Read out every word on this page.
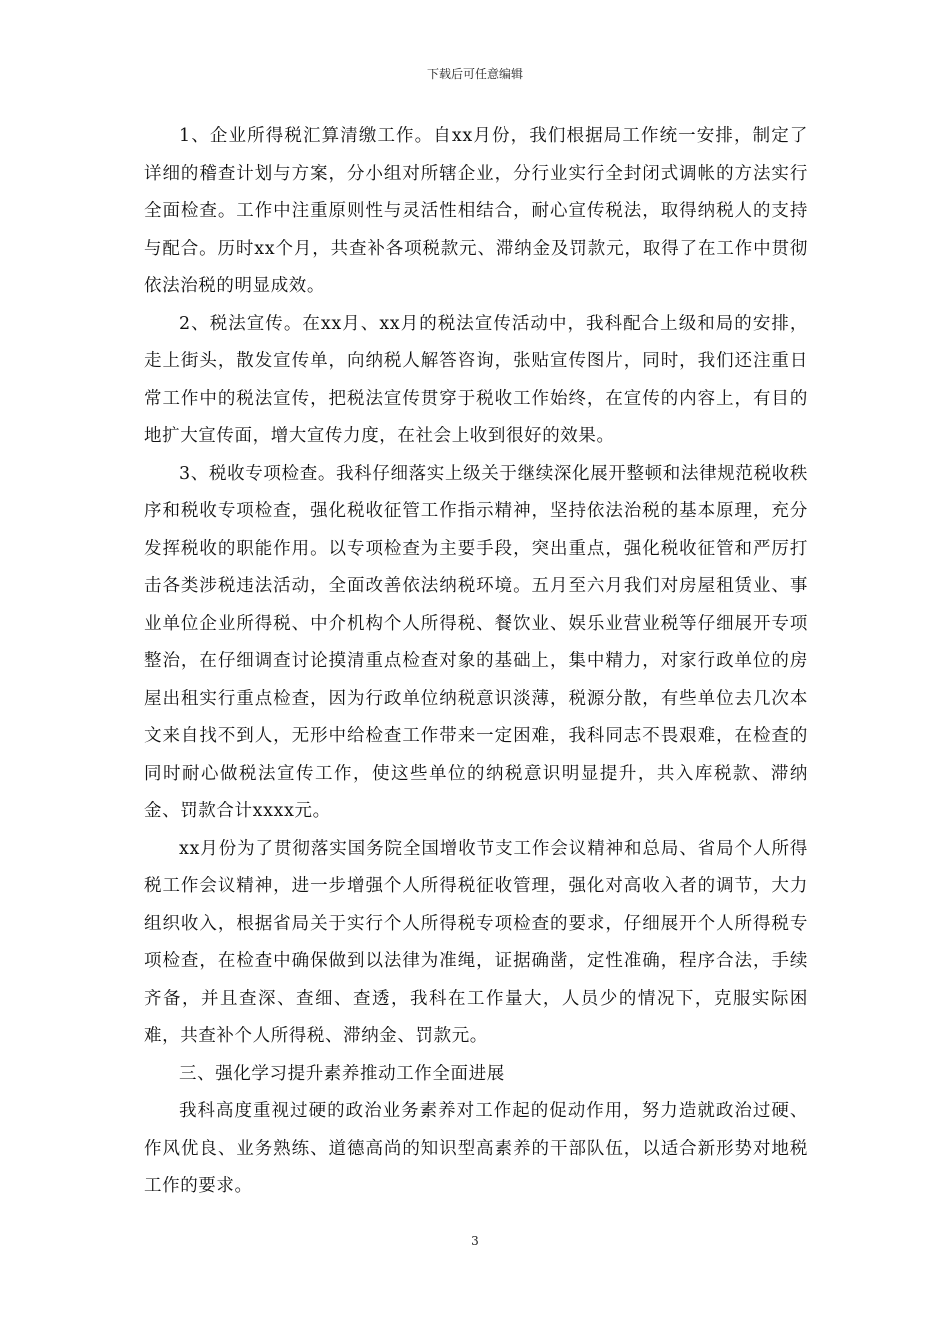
下载后可任意编辑

1、企业所得税汇算清缴工作。自xx月份，我们根据局工作统一安排，制定了详细的稽查计划与方案，分小组对所辖企业，分行业实行全封闭式调帐的方法实行全面检查。工作中注重原则性与灵活性相结合，耐心宣传税法，取得纳税人的支持与配合。历时xx个月，共查补各项税款元、滞纳金及罚款元，取得了在工作中贯彻依法治税的明显成效。

2、税法宣传。在xx月、xx月的税法宣传活动中，我科配合上级和局的安排，走上街头，散发宣传单，向纳税人解答咨询，张贴宣传图片，同时，我们还注重日常工作中的税法宣传，把税法宣传贯穿于税收工作始终，在宣传的内容上，有目的地扩大宣传面，增大宣传力度，在社会上收到很好的效果。

3、税收专项检查。我科仔细落实上级关于继续深化展开整顿和法律规范税收秩序和税收专项检查，强化税收征管工作指示精神，坚持依法治税的基本原理，充分发挥税收的职能作用。以专项检查为主要手段，突出重点，强化税收征管和严厉打击各类涉税违法活动，全面改善依法纳税环境。五月至六月我们对房屋租赁业、事业单位企业所得税、中介机构个人所得税、餐饮业、娱乐业营业税等仔细展开专项整治，在仔细调查讨论摸清重点检查对象的基础上，集中精力，对家行政单位的房屋出租实行重点检查，因为行政单位纳税意识淡薄，税源分散，有些单位去几次本文来自找不到人，无形中给检查工作带来一定困难，我科同志不畏艰难，在检查的同时耐心做税法宣传工作，使这些单位的纳税意识明显提升，共入库税款、滞纳金、罚款合计xxxx元。

xx月份为了贯彻落实国务院全国增收节支工作会议精神和总局、省局个人所得税工作会议精神，进一步增强个人所得税征收管理，强化对高收入者的调节，大力组织收入，根据省局关于实行个人所得税专项检查的要求，仔细展开个人所得税专项检查，在检查中确保做到以法律为准绳，证据确凿，定性准确，程序合法，手续齐备，并且查深、查细、查透，我科在工作量大，人员少的情况下，克服实际困难，共查补个人所得税、滞纳金、罚款元。

三、强化学习提升素养推动工作全面进展

我科高度重视过硬的政治业务素养对工作起的促动作用，努力造就政治过硬、作风优良、业务熟练、道德高尚的知识型高素养的干部队伍，以适合新形势对地税工作的要求。

3
